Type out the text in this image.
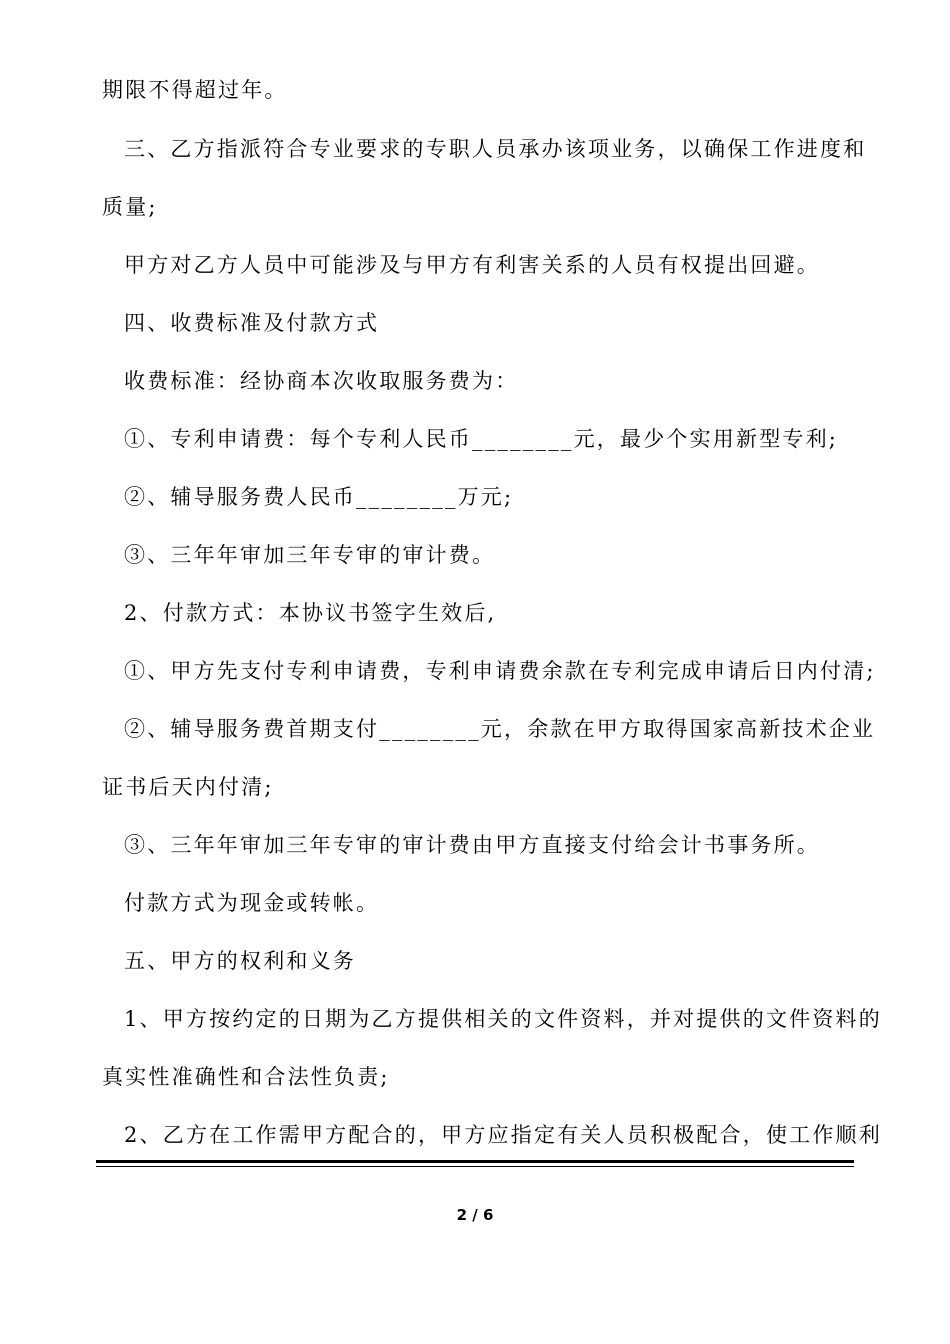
期限不得超过年。
三、乙方指派符合专业要求的专职人员承办该项业务，以确保工作进度和
质量;
甲方对乙方人员中可能涉及与甲方有利害关系的人员有权提出回避。
四、收费标准及付款方式
收费标准：经协商本次收取服务费为：
①、专利申请费：每个专利人民币________元，最少个实用新型专利;
②、辅导服务费人民币________万元;
③、三年年审加三年专审的审计费。
2、付款方式：本协议书签字生效后,
①、甲方先支付专利申请费，专利申请费余款在专利完成申请后日内付清;
②、辅导服务费首期支付________元，余款在甲方取得国家高新技术企业
证书后天内付清;
③、三年年审加三年专审的审计费由甲方直接支付给会计书事务所。
付款方式为现金或转帐。
五、甲方的权利和义务
1、甲方按约定的日期为乙方提供相关的文件资料，并对提供的文件资料的
真实性准确性和合法性负责;
2、乙方在工作需甲方配合的，甲方应指定有关人员积极配合，使工作顺利
2 / 6
